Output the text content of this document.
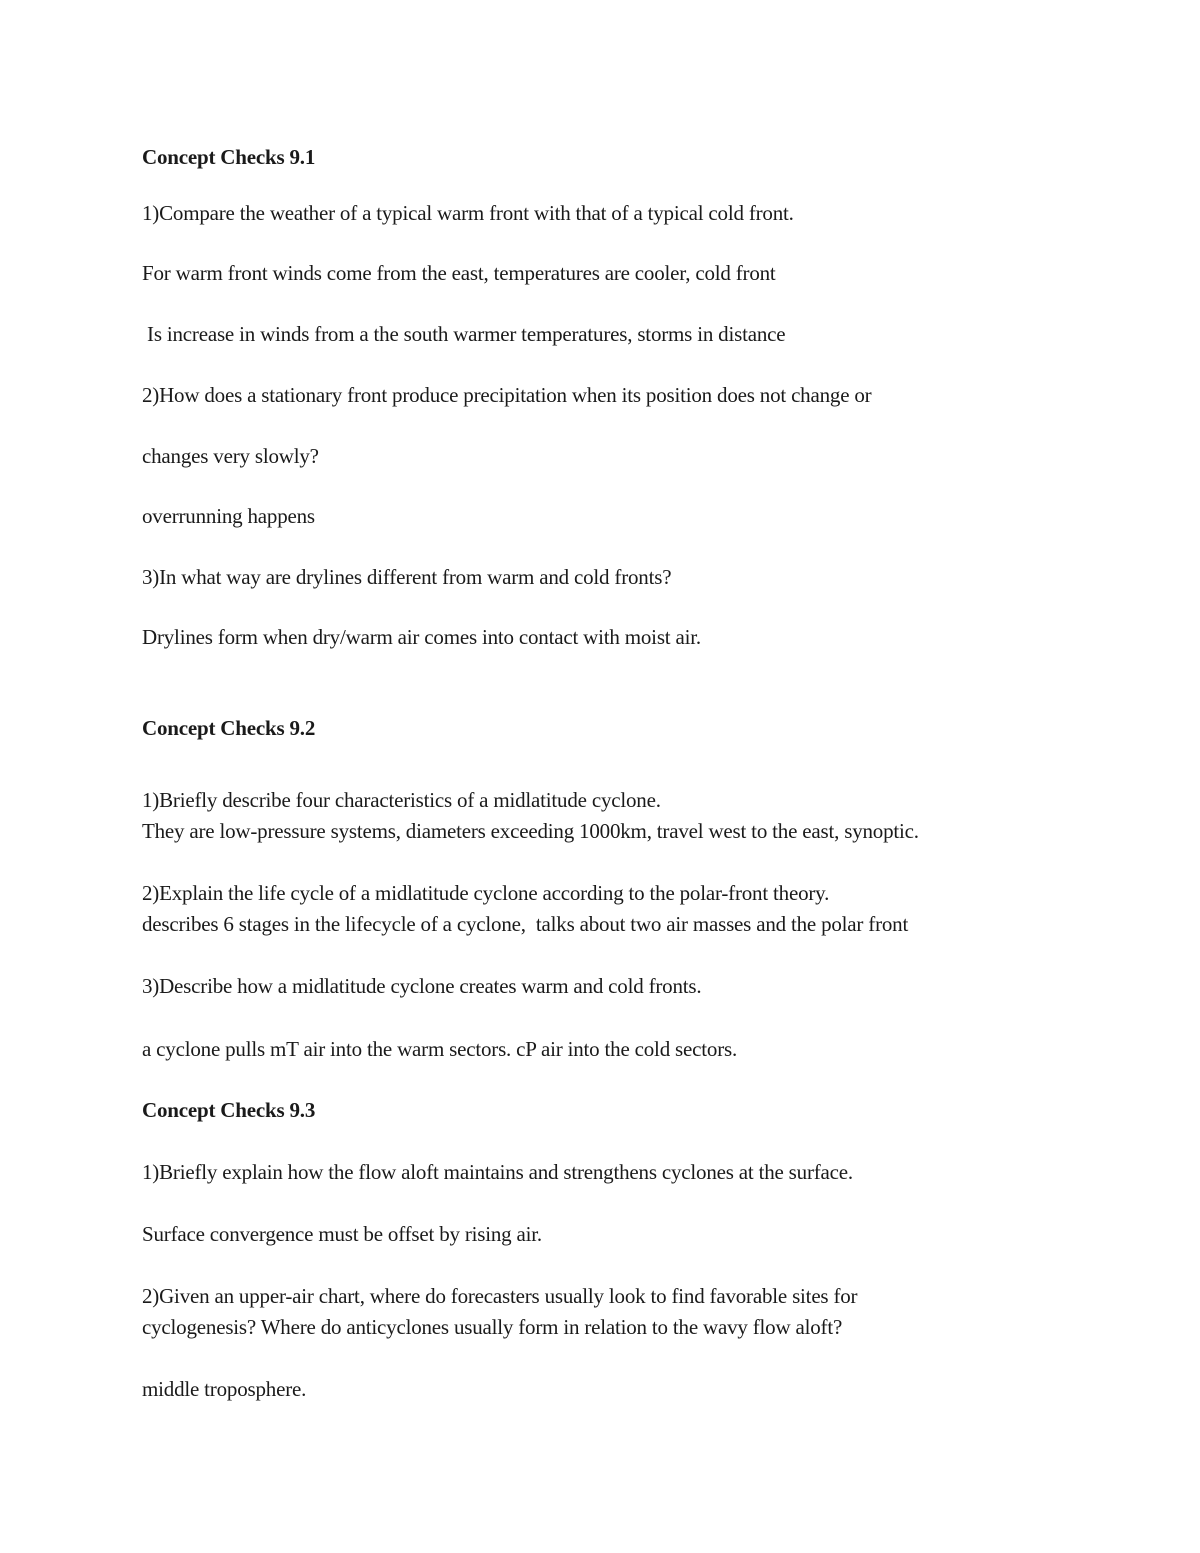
Concept Checks 9.1
1)Compare the weather of a typical warm front with that of a typical cold front.
For warm front winds come from the east, temperatures are cooler, cold front
Is increase in winds from a the south warmer temperatures, storms in distance
2)How does a stationary front produce precipitation when its position does not change or
changes very slowly?
overrunning happens
3)In what way are drylines different from warm and cold fronts?
Drylines form when dry/warm air comes into contact with moist air.
Concept Checks 9.2
1)Briefly describe four characteristics of a midlatitude cyclone.
They are low-pressure systems, diameters exceeding 1000km, travel west to the east, synoptic.
2)Explain the life cycle of a midlatitude cyclone according to the polar-front theory.
describes 6 stages in the lifecycle of a cyclone,  talks about two air masses and the polar front
3)Describe how a midlatitude cyclone creates warm and cold fronts.
a cyclone pulls mT air into the warm sectors. cP air into the cold sectors.
Concept Checks 9.3
1)Briefly explain how the flow aloft maintains and strengthens cyclones at the surface.
Surface convergence must be offset by rising air.
2)Given an upper-air chart, where do forecasters usually look to find favorable sites for
cyclogenesis? Where do anticyclones usually form in relation to the wavy flow aloft?
middle troposphere.
